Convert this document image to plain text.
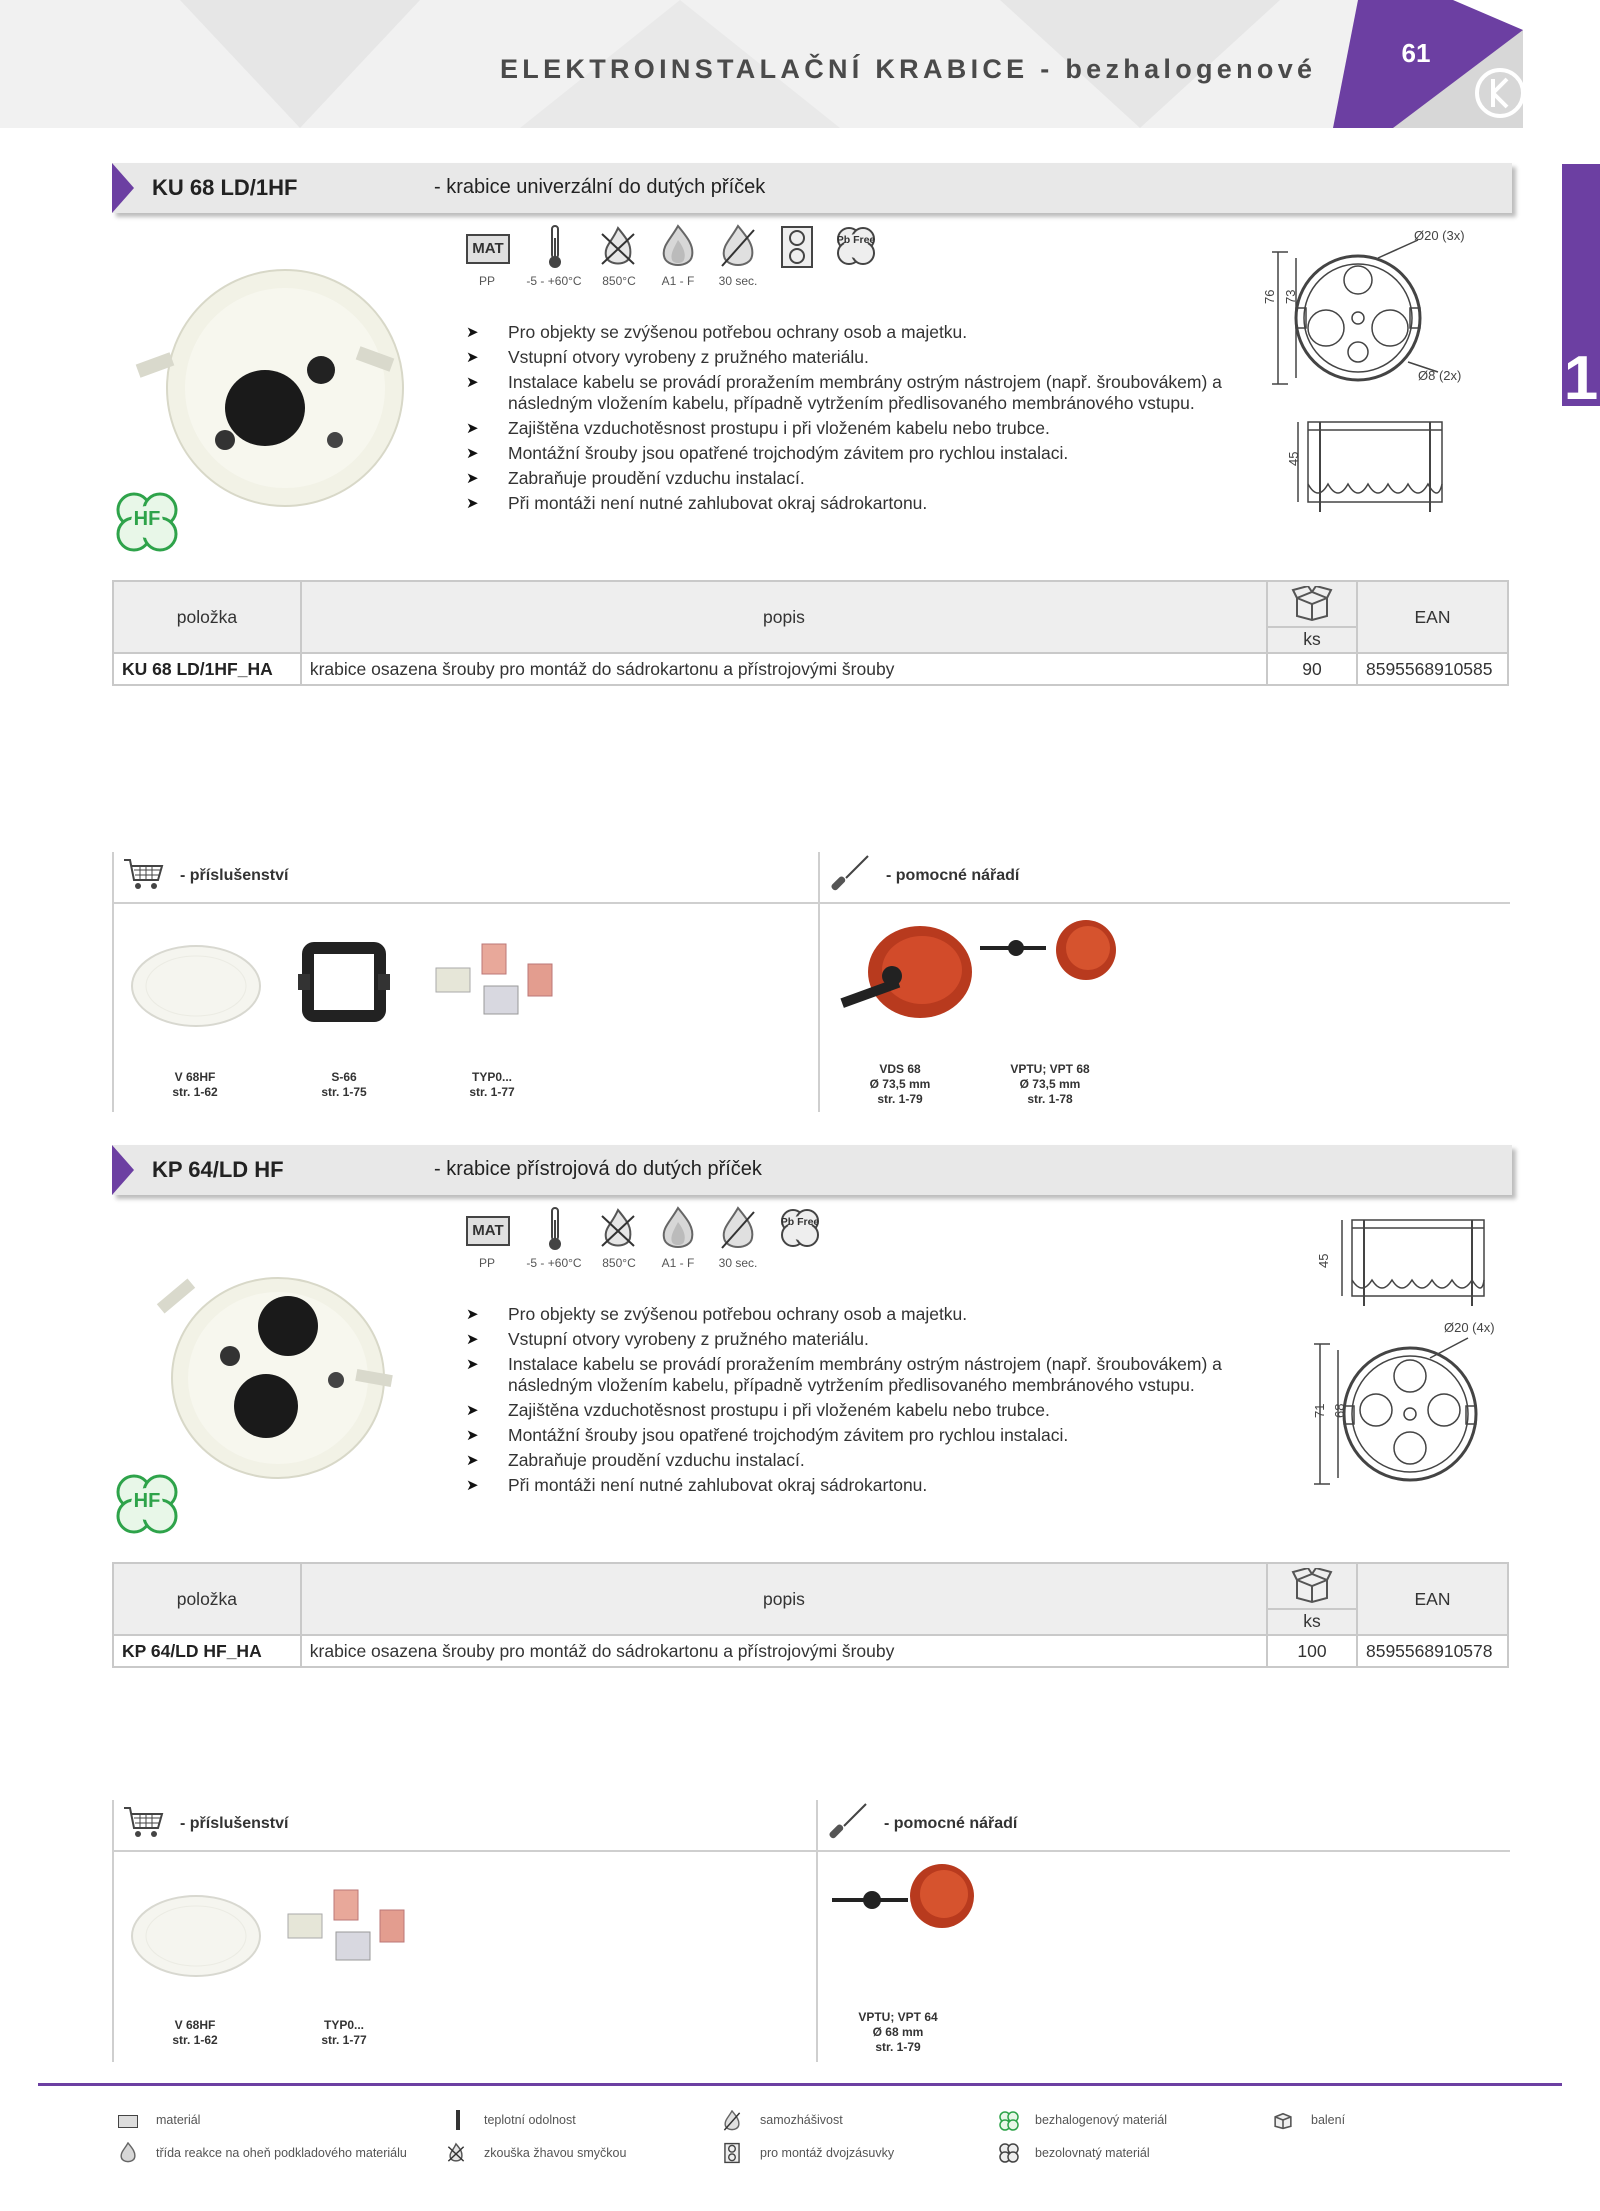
ELEKTROINSTALAČNÍ KRABICE - bezhalogenové
61
1
KU 68 LD/1HF	- krabice univerzální do dutých příček
HF
MAT	Pb Free
PP	-5 - +60°C	850°C	A1 - F	30 sec.
➤ Pro objekty se zvýšenou potřebou ochrany osob a majetku.
➤ Vstupní otvory vyrobeny z pružného materiálu.
➤ Instalace kabelu se provádí proražením membrány ostrým nástrojem (např. šroubovákem) a následným vložením kabelu, případně vytržením předlisovaného membránového vstupu.
➤ Zajištěna vzduchotěsnost prostupu i při vloženém kabelu nebo trubce.
➤ Montážní šrouby jsou opatřené trojchodým závitem pro rychlou instalaci.
➤ Zabraňuje proudění vzduchu instalací.
➤ Při montáži není nutné zahlubovat okraj sádrokartonu.
Ø20 (3x)
Ø8 (2x)
76 73
45
položka	popis	ks	EAN
KU 68 LD/1HF_HA	krabice osazena šrouby pro montáž do sádrokartonu a přístrojovými šrouby	90	8595568910585
- příslušenství	- pomocné nářadí
V 68HF
str. 1-62
S-66
str. 1-75
TYP0...
str. 1-77
VDS 68
Ø 73,5 mm
str. 1-79
VPTU; VPT 68
Ø 73,5 mm
str. 1-78
KP 64/LD HF	- krabice přístrojová do dutých příček
HF
MAT	Pb Free
PP	-5 - +60°C	850°C	A1 - F	30 sec.
➤ Pro objekty se zvýšenou potřebou ochrany osob a majetku.
➤ Vstupní otvory vyrobeny z pružného materiálu.
➤ Instalace kabelu se provádí proražením membrány ostrým nástrojem (např. šroubovákem) a následným vložením kabelu, případně vytržením předlisovaného membránového vstupu.
➤ Zajištěna vzduchotěsnost prostupu i při vloženém kabelu nebo trubce.
➤ Montážní šrouby jsou opatřené trojchodým závitem pro rychlou instalaci.
➤ Zabraňuje proudění vzduchu instalací.
➤ Při montáži není nutné zahlubovat okraj sádrokartonu.
Ø20 (4x)
71 68
45
položka	popis	ks	EAN
KP 64/LD HF_HA	krabice osazena šrouby pro montáž do sádrokartonu a přístrojovými šrouby	100	8595568910578
- příslušenství	- pomocné nářadí
V 68HF
str. 1-62
TYP0...
str. 1-77
VPTU; VPT 64
Ø 68 mm
str. 1-79
materiál	teplotní odolnost	samozhášivost	bezhalogenový materiál	balení
třída reakce na oheň podkladového materiálu	zkouška žhavou smyčkou	pro montáž dvojzásuvky	bezolovnatý materiál
